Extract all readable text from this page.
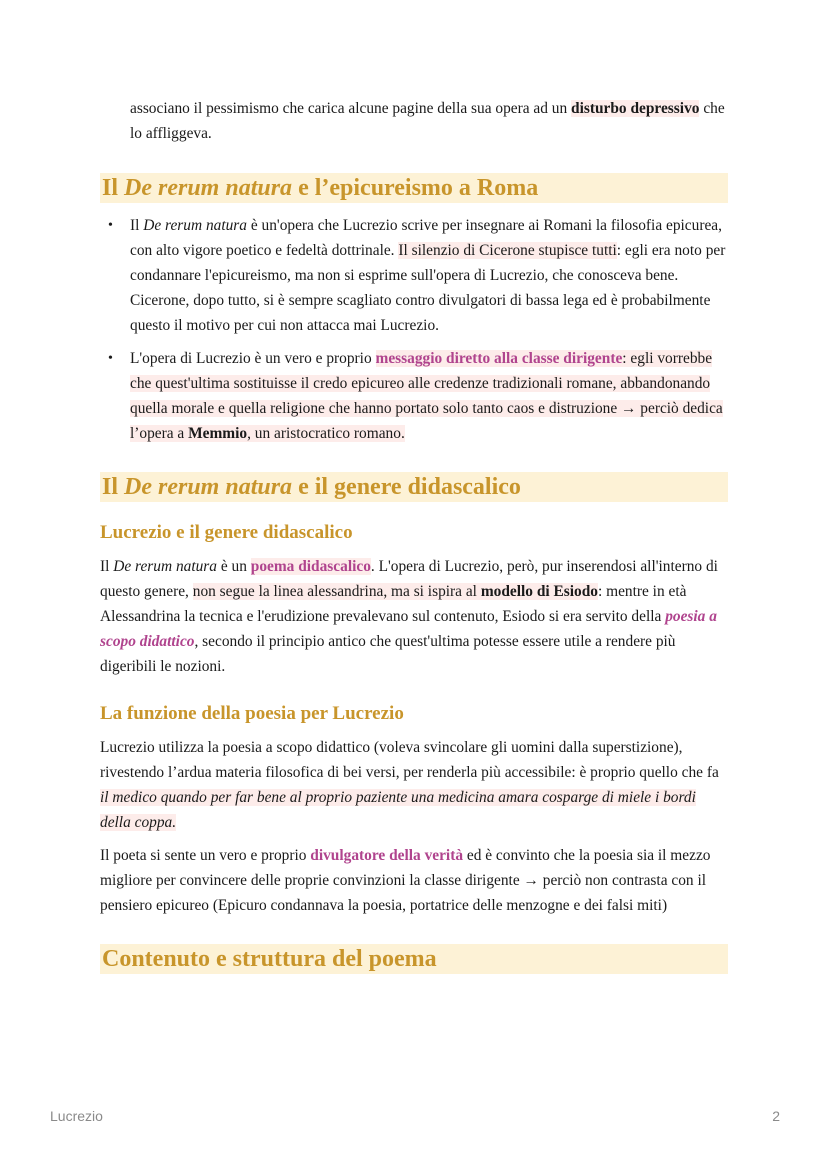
associano il pessimismo che carica alcune pagine della sua opera ad un disturbo depressivo che lo affliggeva.

Il De rerum natura e l’epicureismo a Roma
• Il De rerum natura è un'opera che Lucrezio scrive per insegnare ai Romani la filosofia epicurea, con alto vigore poetico e fedeltà dottrinale. Il silenzio di Cicerone stupisce tutti: egli era noto per condannare l'epicureismo, ma non si esprime sull'opera di Lucrezio, che conosceva bene. Cicerone, dopo tutto, si è sempre scagliato contro divulgatori di bassa lega ed è probabilmente questo il motivo per cui non attacca mai Lucrezio.

• L'opera di Lucrezio è un vero e proprio messaggio diretto alla classe dirigente: egli vorrebbe che quest'ultima sostituisse il credo epicureo alle credenze tradizionali romane, abbandonando quella morale e quella religione che hanno portato solo tanto caos e distruzione → perciò dedica l’opera a Memmio, un aristocratico romano.

Il De rerum natura e il genere didascalico
Lucrezio e il genere didascalico

Il De rerum natura è un poema didascalico. L'opera di Lucrezio, però, pur inserendosi all'interno di questo genere, non segue la linea alessandrina, ma si ispira al modello di Esiodo: mentre in età Alessandrina la tecnica e l'erudizione prevalevano sul contenuto, Esiodo si era servito della poesia a scopo didattico, secondo il principio antico che quest'ultima potesse essere utile a rendere più digeribili le nozioni.

La funzione della poesia per Lucrezio

Lucrezio utilizza la poesia a scopo didattico (voleva svincolare gli uomini dalla superstizione), rivestendo l’ardua materia filosofica di bei versi, per renderla più accessibile: è proprio quello che fa il medico quando per far bene al proprio paziente una medicina amara cosparge di miele i bordi della coppa.

Il poeta si sente un vero e proprio divulgatore della verità ed è convinto che la poesia sia il mezzo migliore per convincere delle proprie convinzioni la classe dirigente → perciò non contrasta con il pensiero epicureo (Epicuro condannava la poesia, portatrice delle menzogne e dei falsi miti)

Contenuto e struttura del poema
Lucrezio	2
